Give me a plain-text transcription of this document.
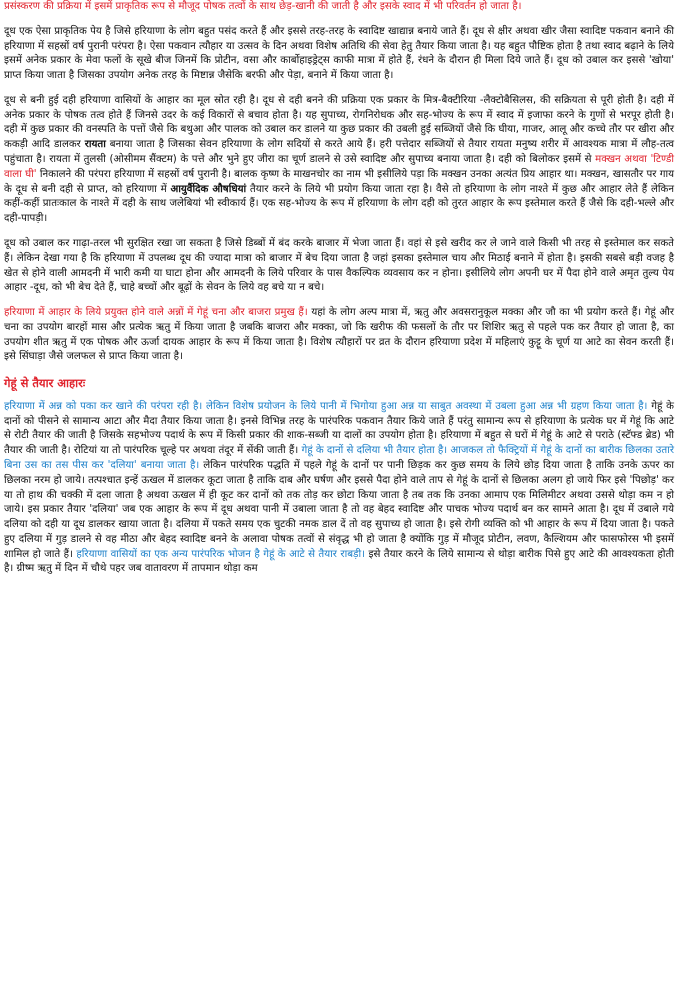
प्रसंस्करण की प्रक्रिया में इसमें प्राकृतिक रूप से मौजूद पोषक तत्वों के साथ छेड़-खानी की जाती है और इसके स्वाद में भी परिवर्तन हो जाता है।

दूध एक ऐसा प्राकृतिक पेय है जिसे हरियाणा के लोग बहुत पसंद करते हैं और इससे तरह-तरह के स्वादिष्ट खाद्यान्न बनाये जाते हैं। दूध से क्षीर अथवा खीर जैसा स्वादिष्ट पकवान बनाने की हरियाणा में सहस्रों वर्ष पुरानी परंपरा है। ऐसा पकवान त्यौहार या उत्सव के दिन अथवा विशेष अतिथि की सेवा हेतु तैयार किया जाता है। यह बहुत पौष्टिक होता है तथा स्वाद बढ़ाने के लिये इसमें अनेक प्रकार के मेवा फलों के सूखे बीज जिनमें कि प्रोटीन, वसा और कार्बोहाइड्रेट्स काफी मात्रा में होते हैं, रंधने के दौरान ही मिला दिये जाते हैं। दूध को उबाल कर इससे 'खोया' प्राप्त किया जाता है जिसका उपयोग अनेक तरह के मिष्टान्न जैसेकि बरफी और पेड़ा, बनाने में किया जाता है।

दूध से बनी हुई दही हरियाणा वासियों के आहार का मूल स्रोत रही है। दूध से दही बनने की प्रक्रिया एक प्रकार के मित्र-बैक्टीरिया -लैक्टोबैसिलस, की सक्रियता से पूरी होती है। दही में अनेक प्रकार के पोषक तत्व होते हैं जिनसे उदर के कई विकारों से बचाव होता है। यह सुपाच्य, रोगनिरोधक और सह-भोज्य के रूप में स्वाद में इजाफा करने के गुणों से भरपूर होती है। दही में कुछ प्रकार की वनस्पति के पत्तों जैसे कि बथुआ और पालक को उबाल कर डालने या कुछ प्रकार की उबली हुई सब्जियों जैसे कि घीया, गाजर, आलू और कच्चे तौर पर खीरा और ककड़ी आदि डालकर रायता बनाया जाता है जिसका सेवन हरियाणा के लोग सदियों से करते आये हैं। हरी पत्तेदार सब्जियों से तैयार रायता मनुष्य शरीर में आवश्यक मात्रा में लौह-तत्व पहुंचाता है। रायता में तुलसी (ओसीमम सैंक्टम) के पत्ते और भुने हुए जीरा का चूर्ण डालने से उसे स्वादिष्ट और सुपाच्य बनाया जाता है। दही को बिलोकर इसमें से मक्खन अथवा 'टिण्डी वाला घी' निकालने की परंपरा हरियाणा में सहस्रों वर्ष पुरानी है। बालक कृष्ण के माखनचोर का नाम भी इसीलिये पड़ा कि मक्खन उनका अत्यंत प्रिय आहार था। मक्खन, खासतौर पर गाय के दूध से बनी दही से प्राप्त, को हरियाणा में आयुर्वैदिक औषधियां तैयार करने के लिये भी प्रयोग किया जाता रहा है। वैसे तो हरियाणा के लोग नाश्ते में कुछ और आहार लेते हैं लेकिन कहीं-कहीं प्रातःकाल के नाश्ते में दही के साथ जलेबियां भी स्वीकार्य हैं। एक सह-भोज्य के रूप में हरियाणा के लोग दही को तुरत आहार के रूप इस्तेमाल करते हैं जैसे कि दही-भल्ले और दही-पापड़ी।

दूध को उबाल कर गाढ़ा-तरल भी सुरक्षित रखा जा सकता है जिसे डिब्बों में बंद करके बाजार में भेजा जाता हैं। वहां से इसे खरीद कर ले जाने वाले किसी भी तरह से इस्तेमाल कर सकते हैं। लेकिन देखा गया है कि हरियाणा में उपलब्ध दूध की ज्यादा मात्रा को बाजार में बेच दिया जाता है जहां इसका इस्तेमाल चाय और मिठाई बनाने में होता है। इसकी सबसे बड़ी वजह है खेत से होने वाली आमदनी में भारी कमी या घाटा होना और आमदनी के लिये परिवार के पास वैकल्पिक व्यवसाय कर न होना। इसीलिये लोग अपनी घर में पैदा होने वाले अमृत तुल्य पेय आहार -दूध, को भी बेच देते हैं, चाहे बच्चों और बूढ़ों के सेवन के लिये वह बचे या न बचे।

हरियाणा में आहार के लिये प्रयुक्त होने वाले अन्नों में गेहूं चना और बाजरा प्रमुख हैं। यहां के लोग अल्प मात्रा में, ऋतु और अवसरानुकूल मक्का और जौ का भी प्रयोग करते हैं। गेहूं और चना का उपयोग बारहों मास और प्रत्येक ऋतु में किया जाता है जबकि बाजरा और मक्का, जो कि खरीफ की फसलों के तौर पर शिशिर ऋतु से पहले पक कर तैयार हो जाता है, का उपयोग शीत ऋतु में एक पोषक और ऊर्जा दायक आहार के रूप में किया जाता है। विशेष त्यौहारों पर व्रत के दौरान हरियाणा प्रदेश में महिलाएं कुट्टू के चूर्ण या आटे का सेवन करती हैं। इसे सिंघाड़ा जैसे जलफल से प्राप्त किया जाता है।

गेहूं से तैयार आहारः

हरियाणा में अन्न को पका कर खाने की परंपरा रही है। लेकिन विशेष प्रयोजन के लिये पानी में भिगोया हुआ अन्न या साबुत अवस्था में उबला हुआ अन्न भी ग्रहण किया जाता है। गेहूं के दानों को पीसने से सामान्य आटा और मैदा तैयार किया जाता है। इनसे विभिन्न तरह के पारंपरिक पकवान तैयार किये जाते हैं परंतु सामान्य रूप से हरियाणा के प्रत्येक घर में गेहूं कि आटे से रोटी तैयार की जाती है जिसके सहभोज्य पदार्थ के रूप में किसी प्रकार की शाक-सब्जी या दालों का उपयोग होता है। हरियाणा में बहुत से घरों में गेहूं के आटे से पराठे (स्टॅफ्ड ब्रेड) भी तैयार की जाती है। रोटियां या तो पारंपरिक चूल्हे पर अथवा तंदूर में सेंकी जाती हैं। गेहूं के दानों से दलिया भी तैयार होता है। आजकल तो फैक्ट्रियों में गेहूं के दानों का बारीक छिलका उतारे बिना उस का तस पीस कर 'दलिया' बनाया जाता है। लेकिन पारंपरिक पद्धति में पहले गेहूं के दानों पर पानी छिड़क कर कुछ समय के लिये छोड़ दिया जाता है ताकि उनके ऊपर का छिलका नरम हो जाये। तत्पश्चात इन्हें ऊखल में डालकर कूटा जाता है ताकि दाब और घर्षण और इससे पैदा होने वाले ताप से गेहूं के दानों से छिलका अलग हो जाये फिर इसे 'पिछोड़' कर या तो हाथ की चक्की में दला जाता है अथवा ऊखल में ही कूट कर दानों को तक तोड़ कर छोटा किया जाता है तब तक कि उनका आमाप एक मिलिमीटर अथवा उससे थोड़ा कम न हो जाये। इस प्रकार तैयार 'दलिया' जब एक आहार के रूप में दूध अथवा पानी में उबाला जाता है तो वह बेहद स्वादिष्ट और पाचक भोज्य पदार्थ बन कर सामने आता है। दूध में उबाले गये दलिया को दही या दूध डालकर खाया जाता है। दलिया में पकते समय एक चुटकी नमक डाल दें तो वह सुपाच्य हो जाता है। इसे रोगी व्यक्ति को भी आहार के रूप में दिया जाता है। पकते हुए दलिया में गुड़ डालने से वह मीठा और बेहद स्वादिष्ट बनने के अलावा पोषक तत्वों से संवृद्ध भी हो जाता है क्योंकि गुड़ में मौजूद प्रोटीन, लवण, कैल्शियम और फासफोरस भी इसमें शामिल हो जाते हैं। हरियाणा वासियों का एक अन्य पारंपरिक भोजन है गेहूं के आटे से तैयार राबड़ी। इसे तैयार करने के लिये सामान्य से थोड़ा बारीक पिसे हुए आटे की आवश्यकता होती है। ग्रीष्म ऋतु में दिन में चौथे पहर जब वातावरण में तापमान थोड़ा कम
